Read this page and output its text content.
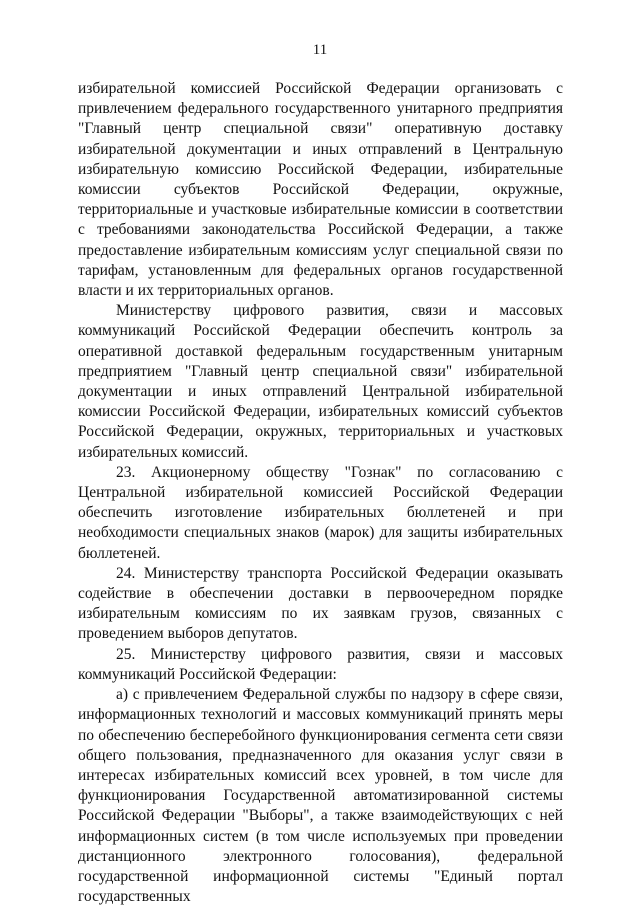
11

избирательной комиссией Российской Федерации организовать с привлечением федерального государственного унитарного предприятия "Главный центр специальной связи" оперативную доставку избирательной документации и иных отправлений в Центральную избирательную комиссию Российской Федерации, избирательные комиссии субъектов Российской Федерации, окружные, территориальные и участковые избирательные комиссии в соответствии с требованиями законодательства Российской Федерации, а также предоставление избирательным комиссиям услуг специальной связи по тарифам, установленным для федеральных органов государственной власти и их территориальных органов.

Министерству цифрового развития, связи и массовых коммуникаций Российской Федерации обеспечить контроль за оперативной доставкой федеральным государственным унитарным предприятием "Главный центр специальной связи" избирательной документации и иных отправлений Центральной избирательной комиссии Российской Федерации, избирательных комиссий субъектов Российской Федерации, окружных, территориальных и участковых избирательных комиссий.

23. Акционерному обществу "Гознак" по согласованию с Центральной избирательной комиссией Российской Федерации обеспечить изготовление избирательных бюллетеней и при необходимости специальных знаков (марок) для защиты избирательных бюллетеней.

24. Министерству транспорта Российской Федерации оказывать содействие в обеспечении доставки в первоочередном порядке избирательным комиссиям по их заявкам грузов, связанных с проведением выборов депутатов.

25. Министерству цифрового развития, связи и массовых коммуникаций Российской Федерации:

а) с привлечением Федеральной службы по надзору в сфере связи, информационных технологий и массовых коммуникаций принять меры по обеспечению бесперебойного функционирования сегмента сети связи общего пользования, предназначенного для оказания услуг связи в интересах избирательных комиссий всех уровней, в том числе для функционирования Государственной автоматизированной системы Российской Федерации "Выборы", а также взаимодействующих с ней информационных систем (в том числе используемых при проведении дистанционного электронного голосования), федеральной государственной информационной системы "Единый портал государственных
